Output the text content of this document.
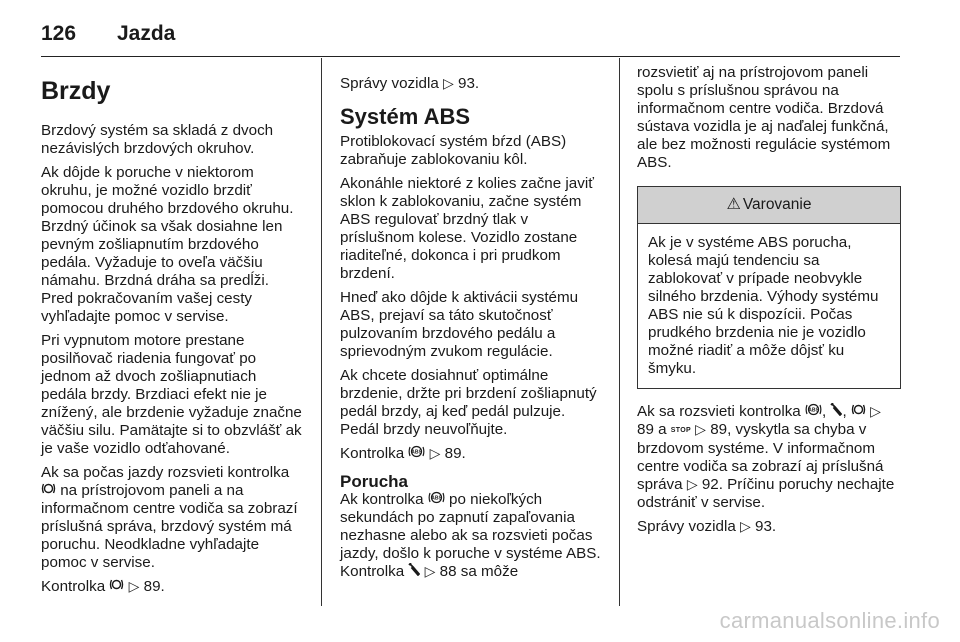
126 Jazda
Brzdy

Brzdový systém sa skladá z dvoch nezávislých brzdových okruhov.

Ak dôjde k poruche v niektorom okruhu, je možné vozidlo brzdiť pomocou druhého brzdového okruhu. Brzdný účinok sa však dosiahne len pevným zošliapnutím brzdového pedála. Vyžaduje to oveľa väčšiu námahu. Brzdná dráha sa predĺži. Pred pokračovaním vašej cesty vyhľadajte pomoc v servise.

Pri vypnutom motore prestane posilňovač riadenia fungovať po jednom až dvoch zošliapnutiach pedála brzdy. Brzdiaci efekt nie je znížený, ale brzdenie vyžaduje značne väčšiu silu. Pamätajte si to obzvlášť ak je vaše vozidlo odťahované.

Ak sa počas jazdy rozsvieti kontrolka  na prístrojovom paneli a na informačnom centre vodiča sa zobrazí príslušná správa, brzdový systém má poruchu. Neodkladne vyhľadajte pomoc v servise.

Kontrolka ▷ 89.

Správy vozidla ▷ 93.

Systém ABS

Protiblokovací systém bŕzd (ABS) zabraňuje zablokovaniu kôl.

Akonáhle niektoré z kolies začne javiť sklon k zablokovaniu, začne systém ABS regulovať brzdný tlak v príslušnom kolese. Vozidlo zostane riaditeľné, dokonca i pri prudkom brzdení.

Hneď ako dôjde k aktivácii systému ABS, prejaví sa táto skutočnosť pulzovaním brzdového pedálu a sprievodným zvukom regulácie.

Ak chcete dosiahnuť optimálne brzdenie, držte pri brzdení zošliapnutý pedál brzdy, aj keď pedál pulzuje. Pedál brzdy neuvoľňujte.

Kontrolka ABS ▷ 89.

Porucha

Ak kontrolka ABS po niekoľkých sekundách po zapnutí zapaľovania nezhasne alebo ak sa rozsvieti počas jazdy, došlo k poruche v systéme ABS. Kontrolka ▷ 88 sa môže

rozsvietiť aj na prístrojovom paneli spolu s príslušnou správou na informačnom centre vodiča. Brzdová sústava vozidla je aj naďalej funkčná, ale bez možnosti regulácie systémom ABS.

⚠ Varovanie

Ak je v systéme ABS porucha, kolesá majú tendenciu sa zablokovať v prípade neobvykle silného brzdenia. Výhody systému ABS nie sú k dispozícii. Počas prudkého brzdenia nie je vozidlo možné riadiť a môže dôjsť ku šmyku.

Ak sa rozsvieti kontrolka ABS , ,  ▷ 89 a STOP ▷ 89, vyskytla sa chyba v brzdovom systéme. V informačnom centre vodiča sa zobrazí aj príslušná správa ▷ 92. Príčinu poruchy nechajte odstrániť v servise.

Správy vozidla ▷ 93.

carmanualsonline.info
